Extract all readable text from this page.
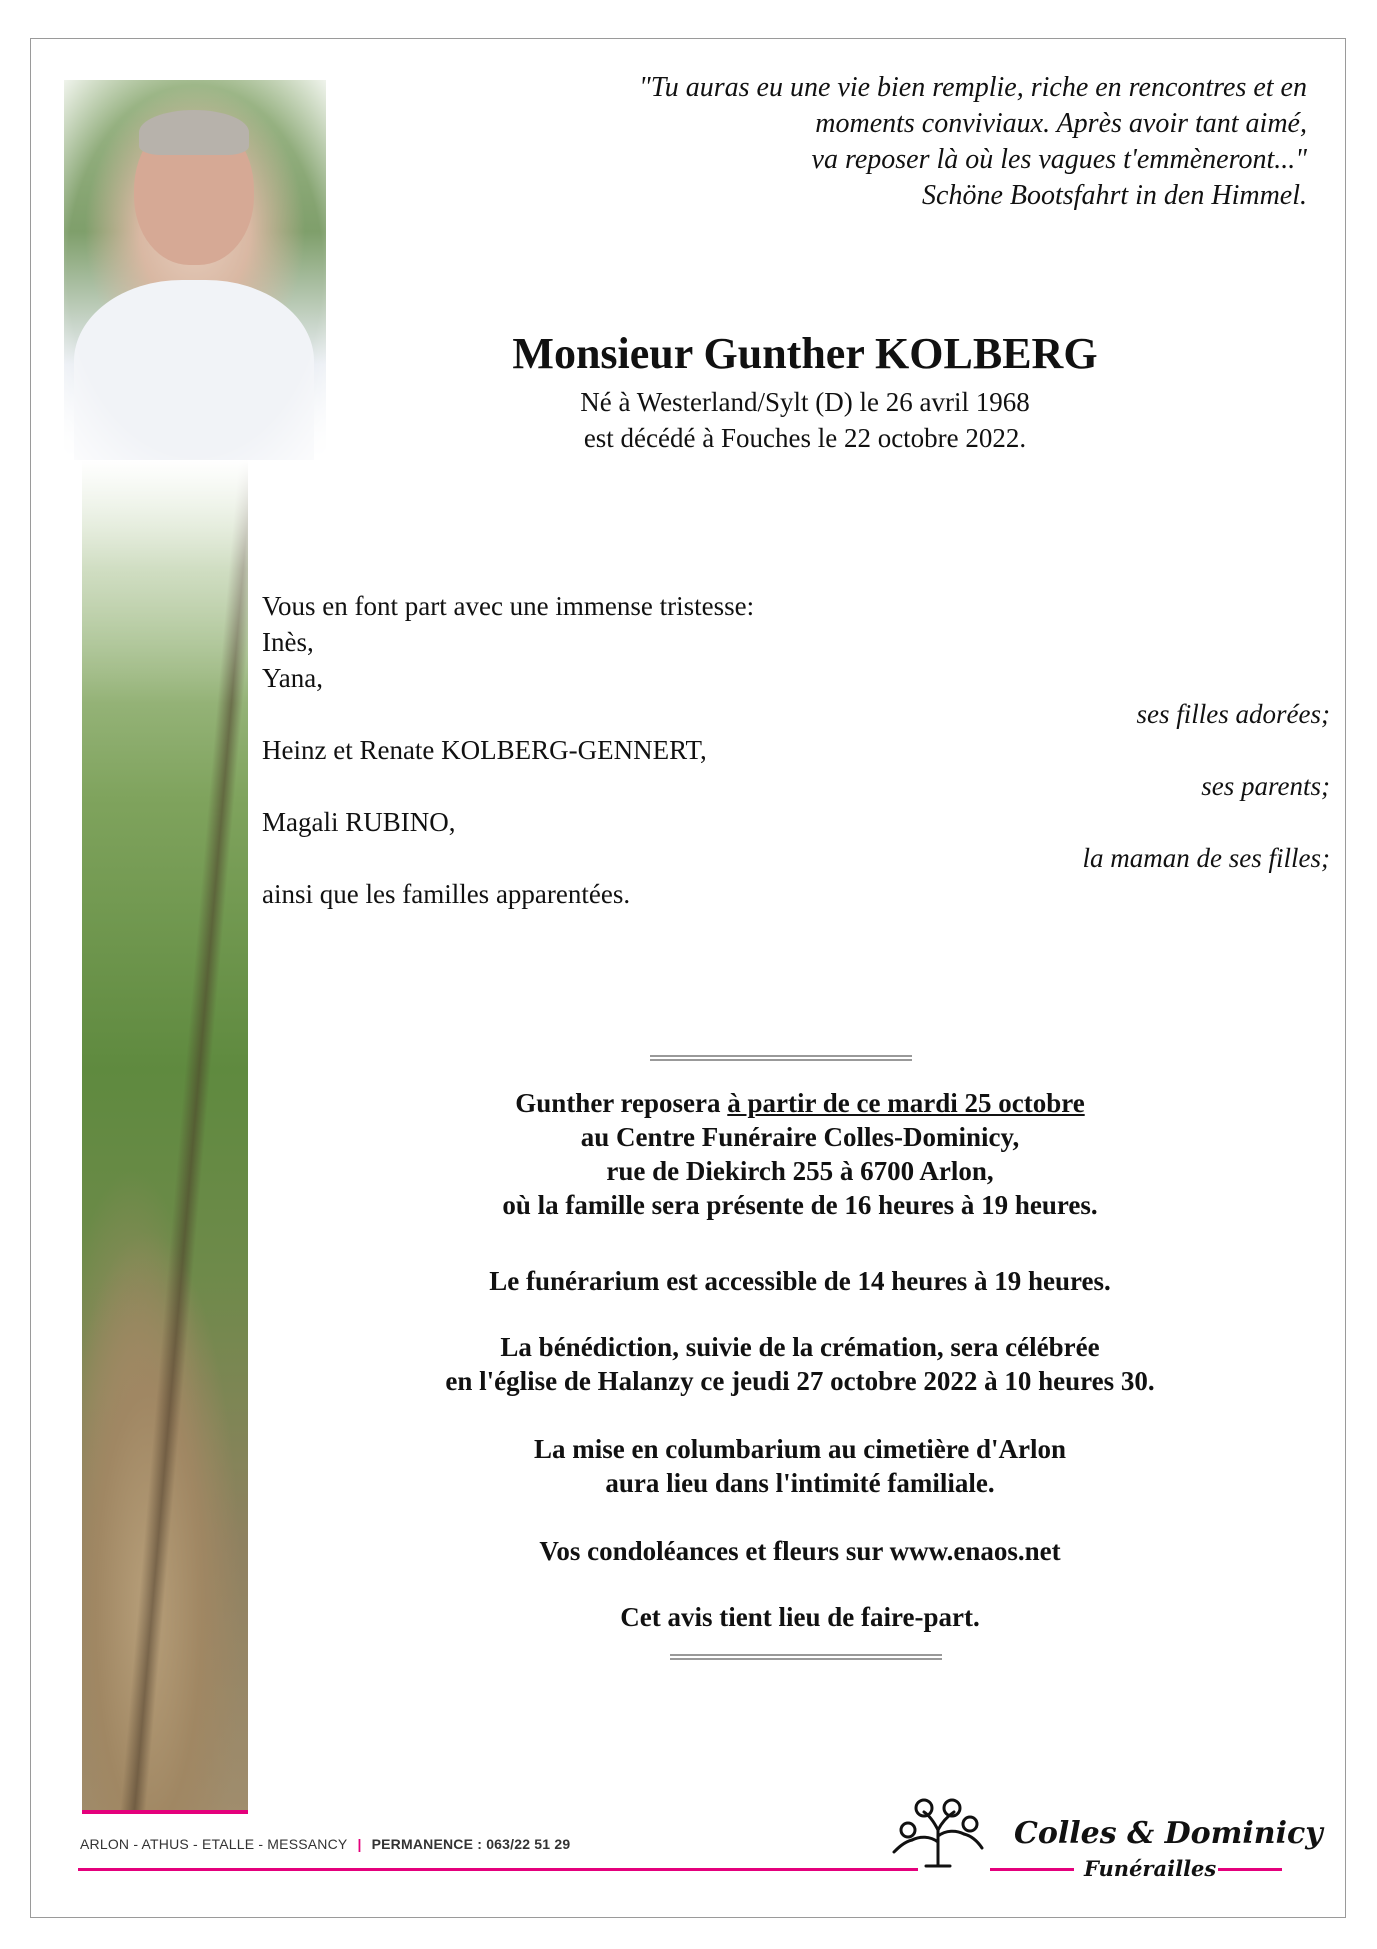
"Tu auras eu une vie bien remplie, riche en rencontres et en
moments conviviaux. Après avoir tant aimé,
va reposer là où les vagues t'emmèneront..."
Schöne Bootsfahrt in den Himmel.
Monsieur Gunther KOLBERG
Né à Westerland/Sylt (D) le 26 avril 1968
est décédé à Fouches le 22 octobre 2022.
Vous en font part avec une immense tristesse:
Inès,
Yana,
ses filles adorées;
Heinz et Renate KOLBERG-GENNERT,
ses parents;
Magali RUBINO,
la maman de ses filles;
ainsi que les familles apparentées.
Gunther reposera à partir de ce mardi 25 octobre
au Centre Funéraire Colles-Dominicy,
rue de Diekirch 255 à 6700 Arlon,
où la famille sera présente de 16 heures à 19 heures.
Le funérarium est accessible de 14 heures à 19 heures.
La bénédiction, suivie de la crémation, sera célébrée
en l'église de Halanzy ce jeudi 27 octobre 2022 à 10 heures 30.
La mise en columbarium au cimetière d'Arlon
aura lieu dans l'intimité familiale.
Vos condoléances et fleurs sur www.enaos.net
Cet avis tient lieu de faire-part.
ARLON - ATHUS - ETALLE - MESSANCY | PERMANENCE : 063/22 51 29	Colles & Dominicy
Funérailles
